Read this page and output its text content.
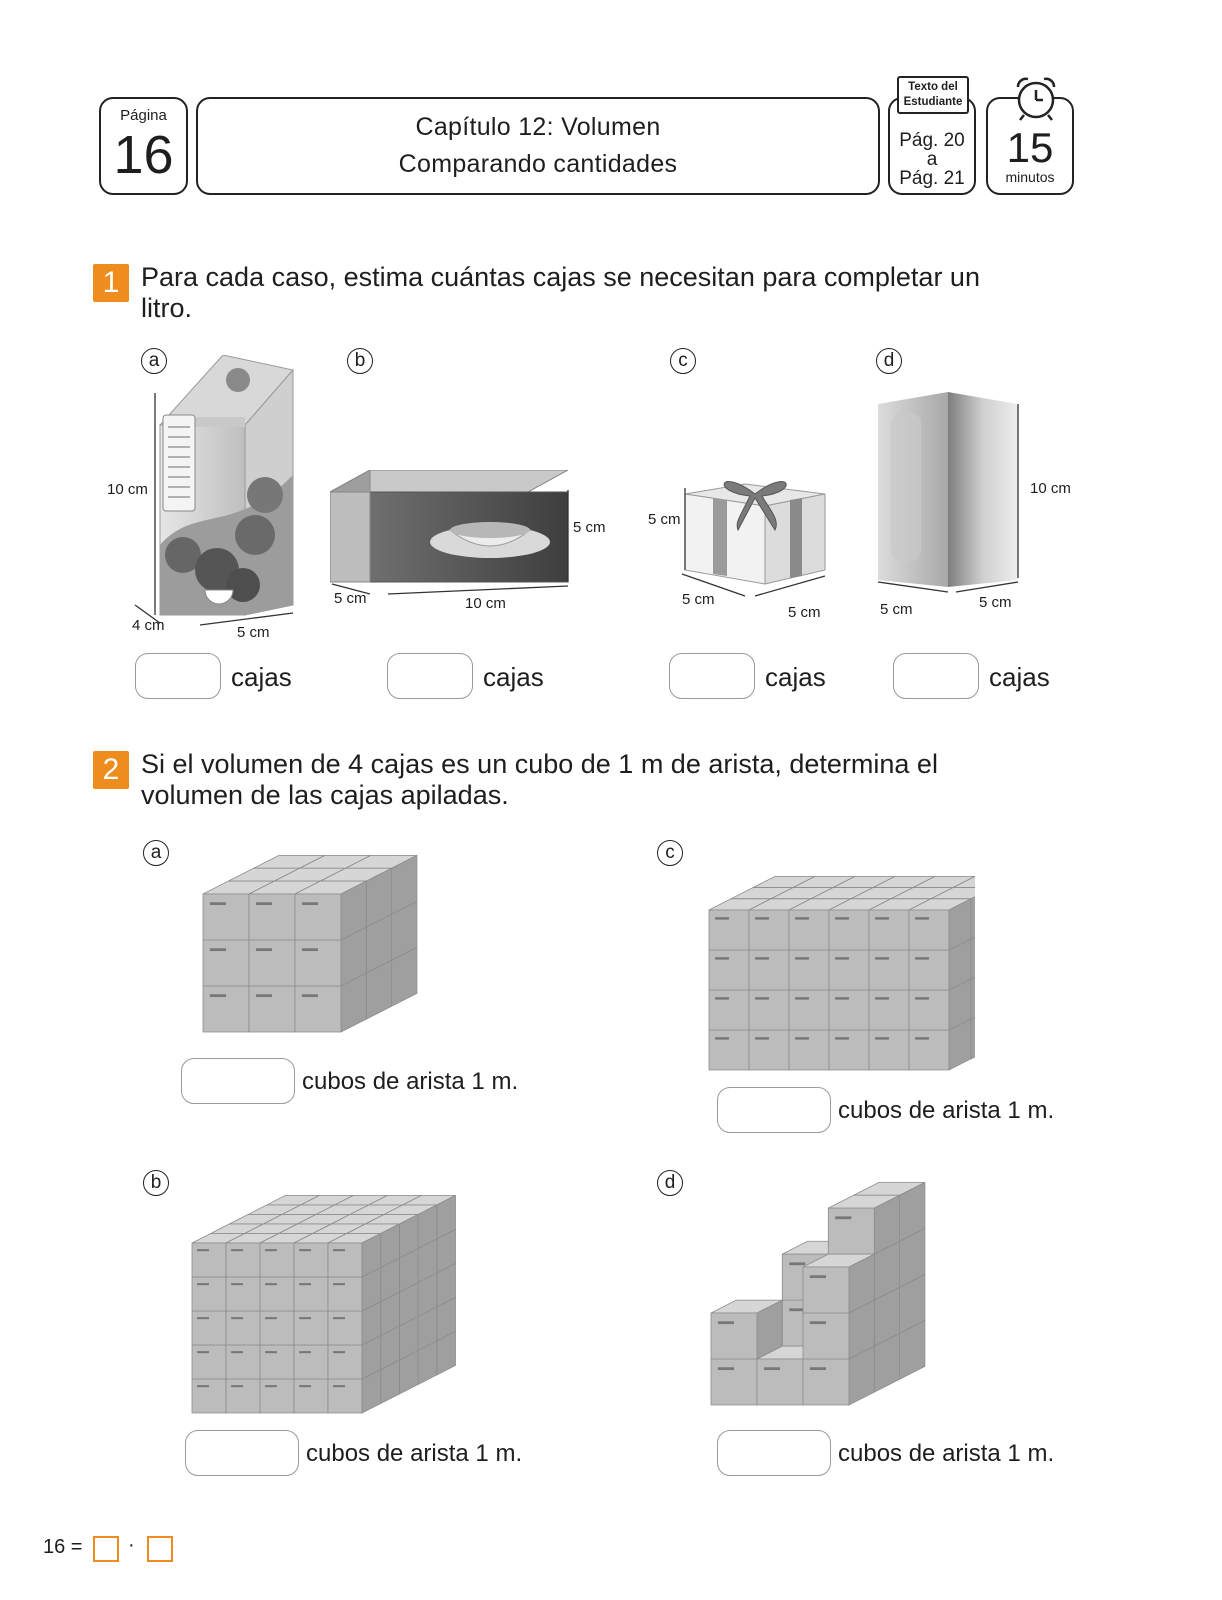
Página
16	Capítulo 12: Volumen
Comparando cantidades
Pág. 20
a
Pág. 21
Texto del
Estudiante
15
minutos
1 Para cada caso, estima cuántas cajas se necesitan para completar un litro.
a	b	c	d
10 cm
4 cm	5 cm
5 cm
5 cm	10 cm
5 cm
5 cm
5 cm
10 cm
5 cm	5 cm
cajas	cajas	cajas	cajas
2 Si el volumen de 4 cajas es un cubo de 1 m de arista, determina el volumen de las cajas apiladas.
a	c
b	d
cubos de arista 1 m.
cubos de arista 1 m.
cubos de arista 1 m.	cubos de arista 1 m.
16 = ·
